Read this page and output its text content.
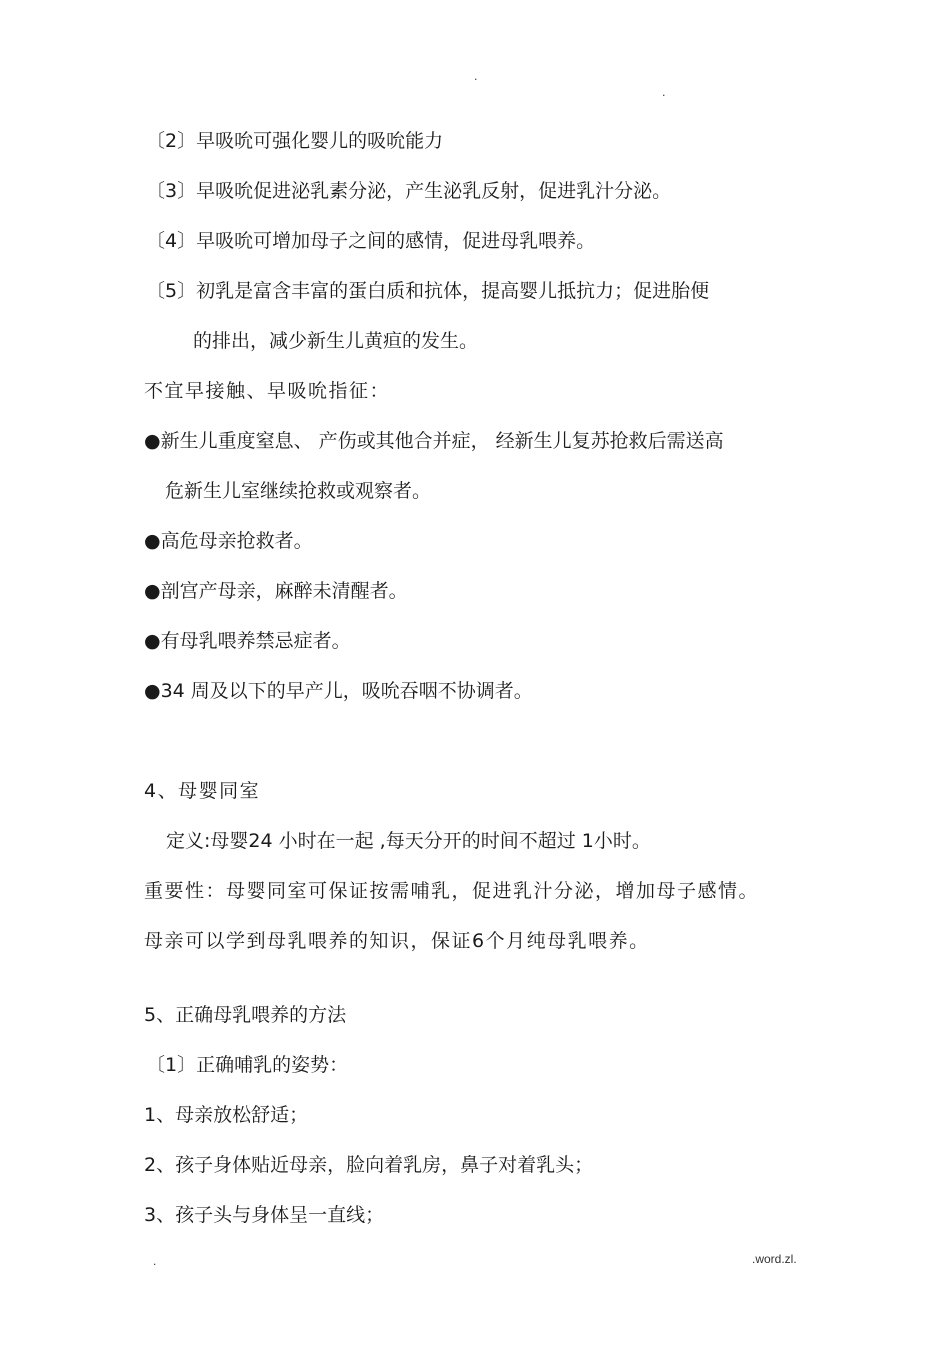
.
.
〔2〕早吸吮可强化婴儿的吸吮能力
〔3〕早吸吮促进泌乳素分泌，产生泌乳反射，促进乳汁分泌。
〔4〕早吸吮可增加母子之间的感情，促进母乳喂养。
〔5〕初乳是富含丰富的蛋白质和抗体，提高婴儿抵抗力；促进胎便
的排出，减少新生儿黄疸的发生。
不宜早接触、早吸吮指征：
●新生儿重度窒息、 产伤或其他合并症， 经新生儿复苏抢救后需送高
危新生儿室继续抢救或观察者。
●高危母亲抢救者。
●剖宫产母亲，麻醉未清醒者。
●有母乳喂养禁忌症者。
●34 周及以下的早产儿，吸吮吞咽不协调者。
4、母婴同室
定义:母婴24 小时在一起 ,每天分开的时间不超过 1小时。
重要性：母婴同室可保证按需哺乳，促进乳汁分泌，增加母子感情。
母亲可以学到母乳喂养的知识，保证6个月纯母乳喂养。
5、正确母乳喂养的方法
〔1〕正确哺乳的姿势：
1、母亲放松舒适；
2、孩子身体贴近母亲，脸向着乳房，鼻子对着乳头；
3、孩子头与身体呈一直线；
.	.word.zl.
